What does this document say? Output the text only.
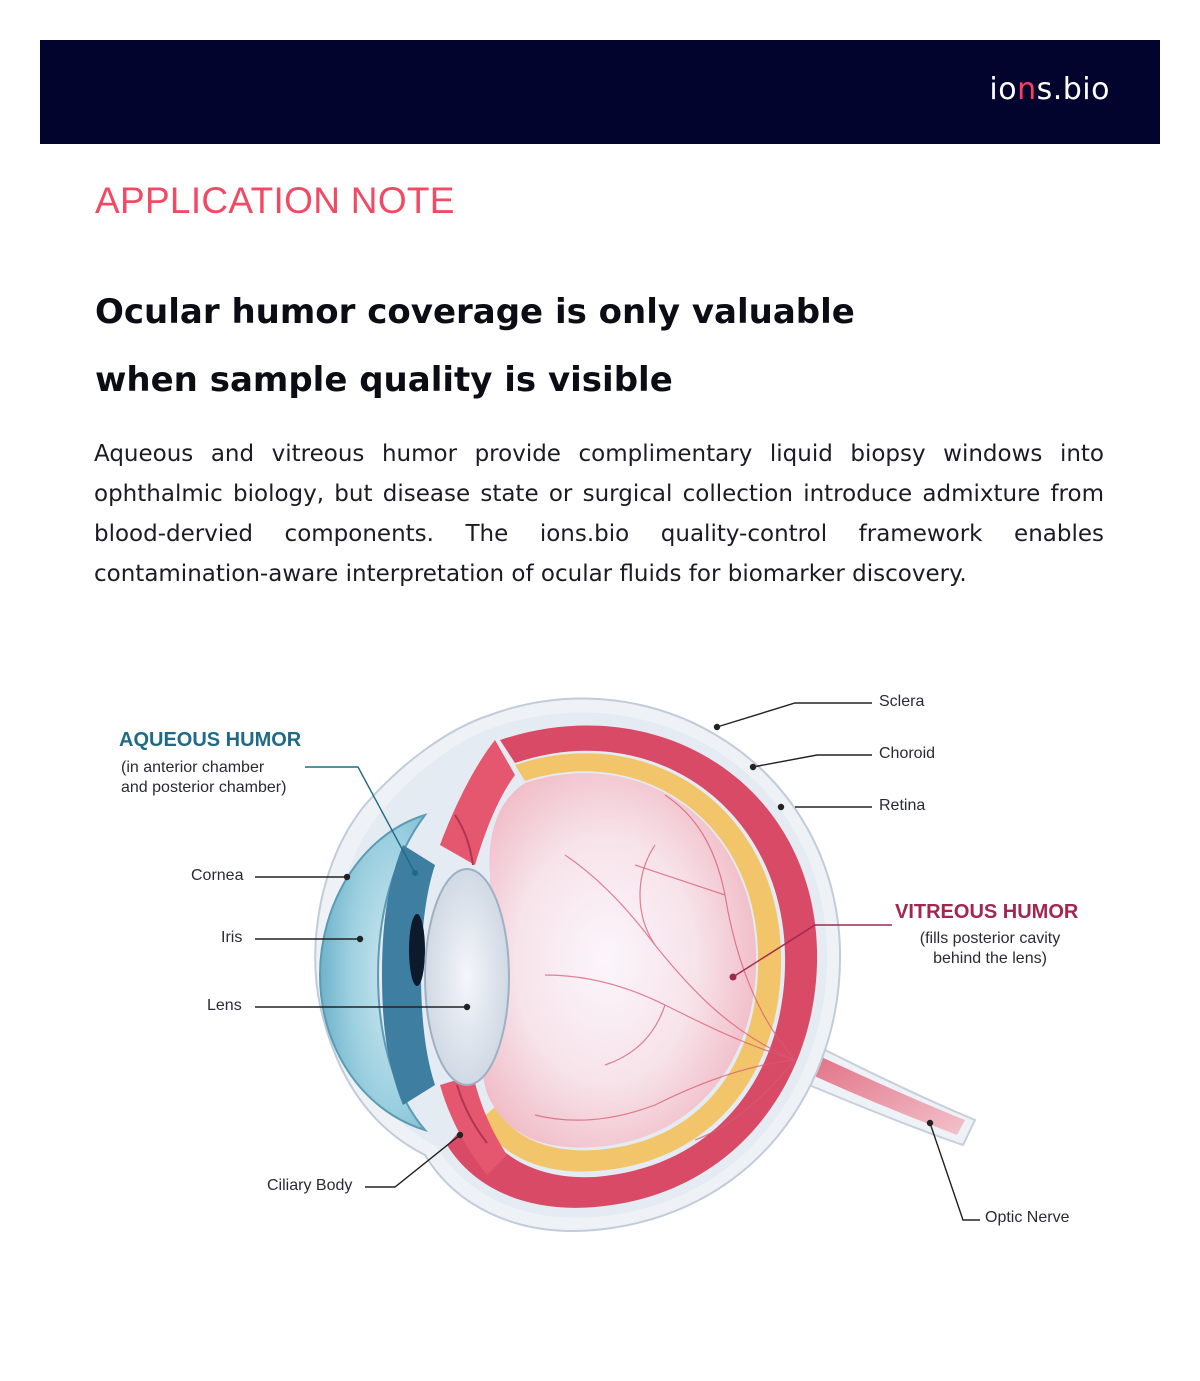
ions.bio
APPLICATION NOTE
Ocular humor coverage is only valuable
when sample quality is visible

Aqueous and vitreous humor provide complimentary liquid biopsy windows into ophthalmic biology, but disease state or surgical collection introduce admixture from blood-dervied components. The ions.bio quality-control framework enables contamination-aware interpretation of ocular fluids for biomarker discovery.

AQUEOUS HUMOR
(in anterior chamber
and posterior chamber)
VITREOUS HUMOR
(fills posterior cavity
behind the lens)
Sclera
Choroid
Retina
Cornea
Iris
Lens
Ciliary Body
Optic Nerve
